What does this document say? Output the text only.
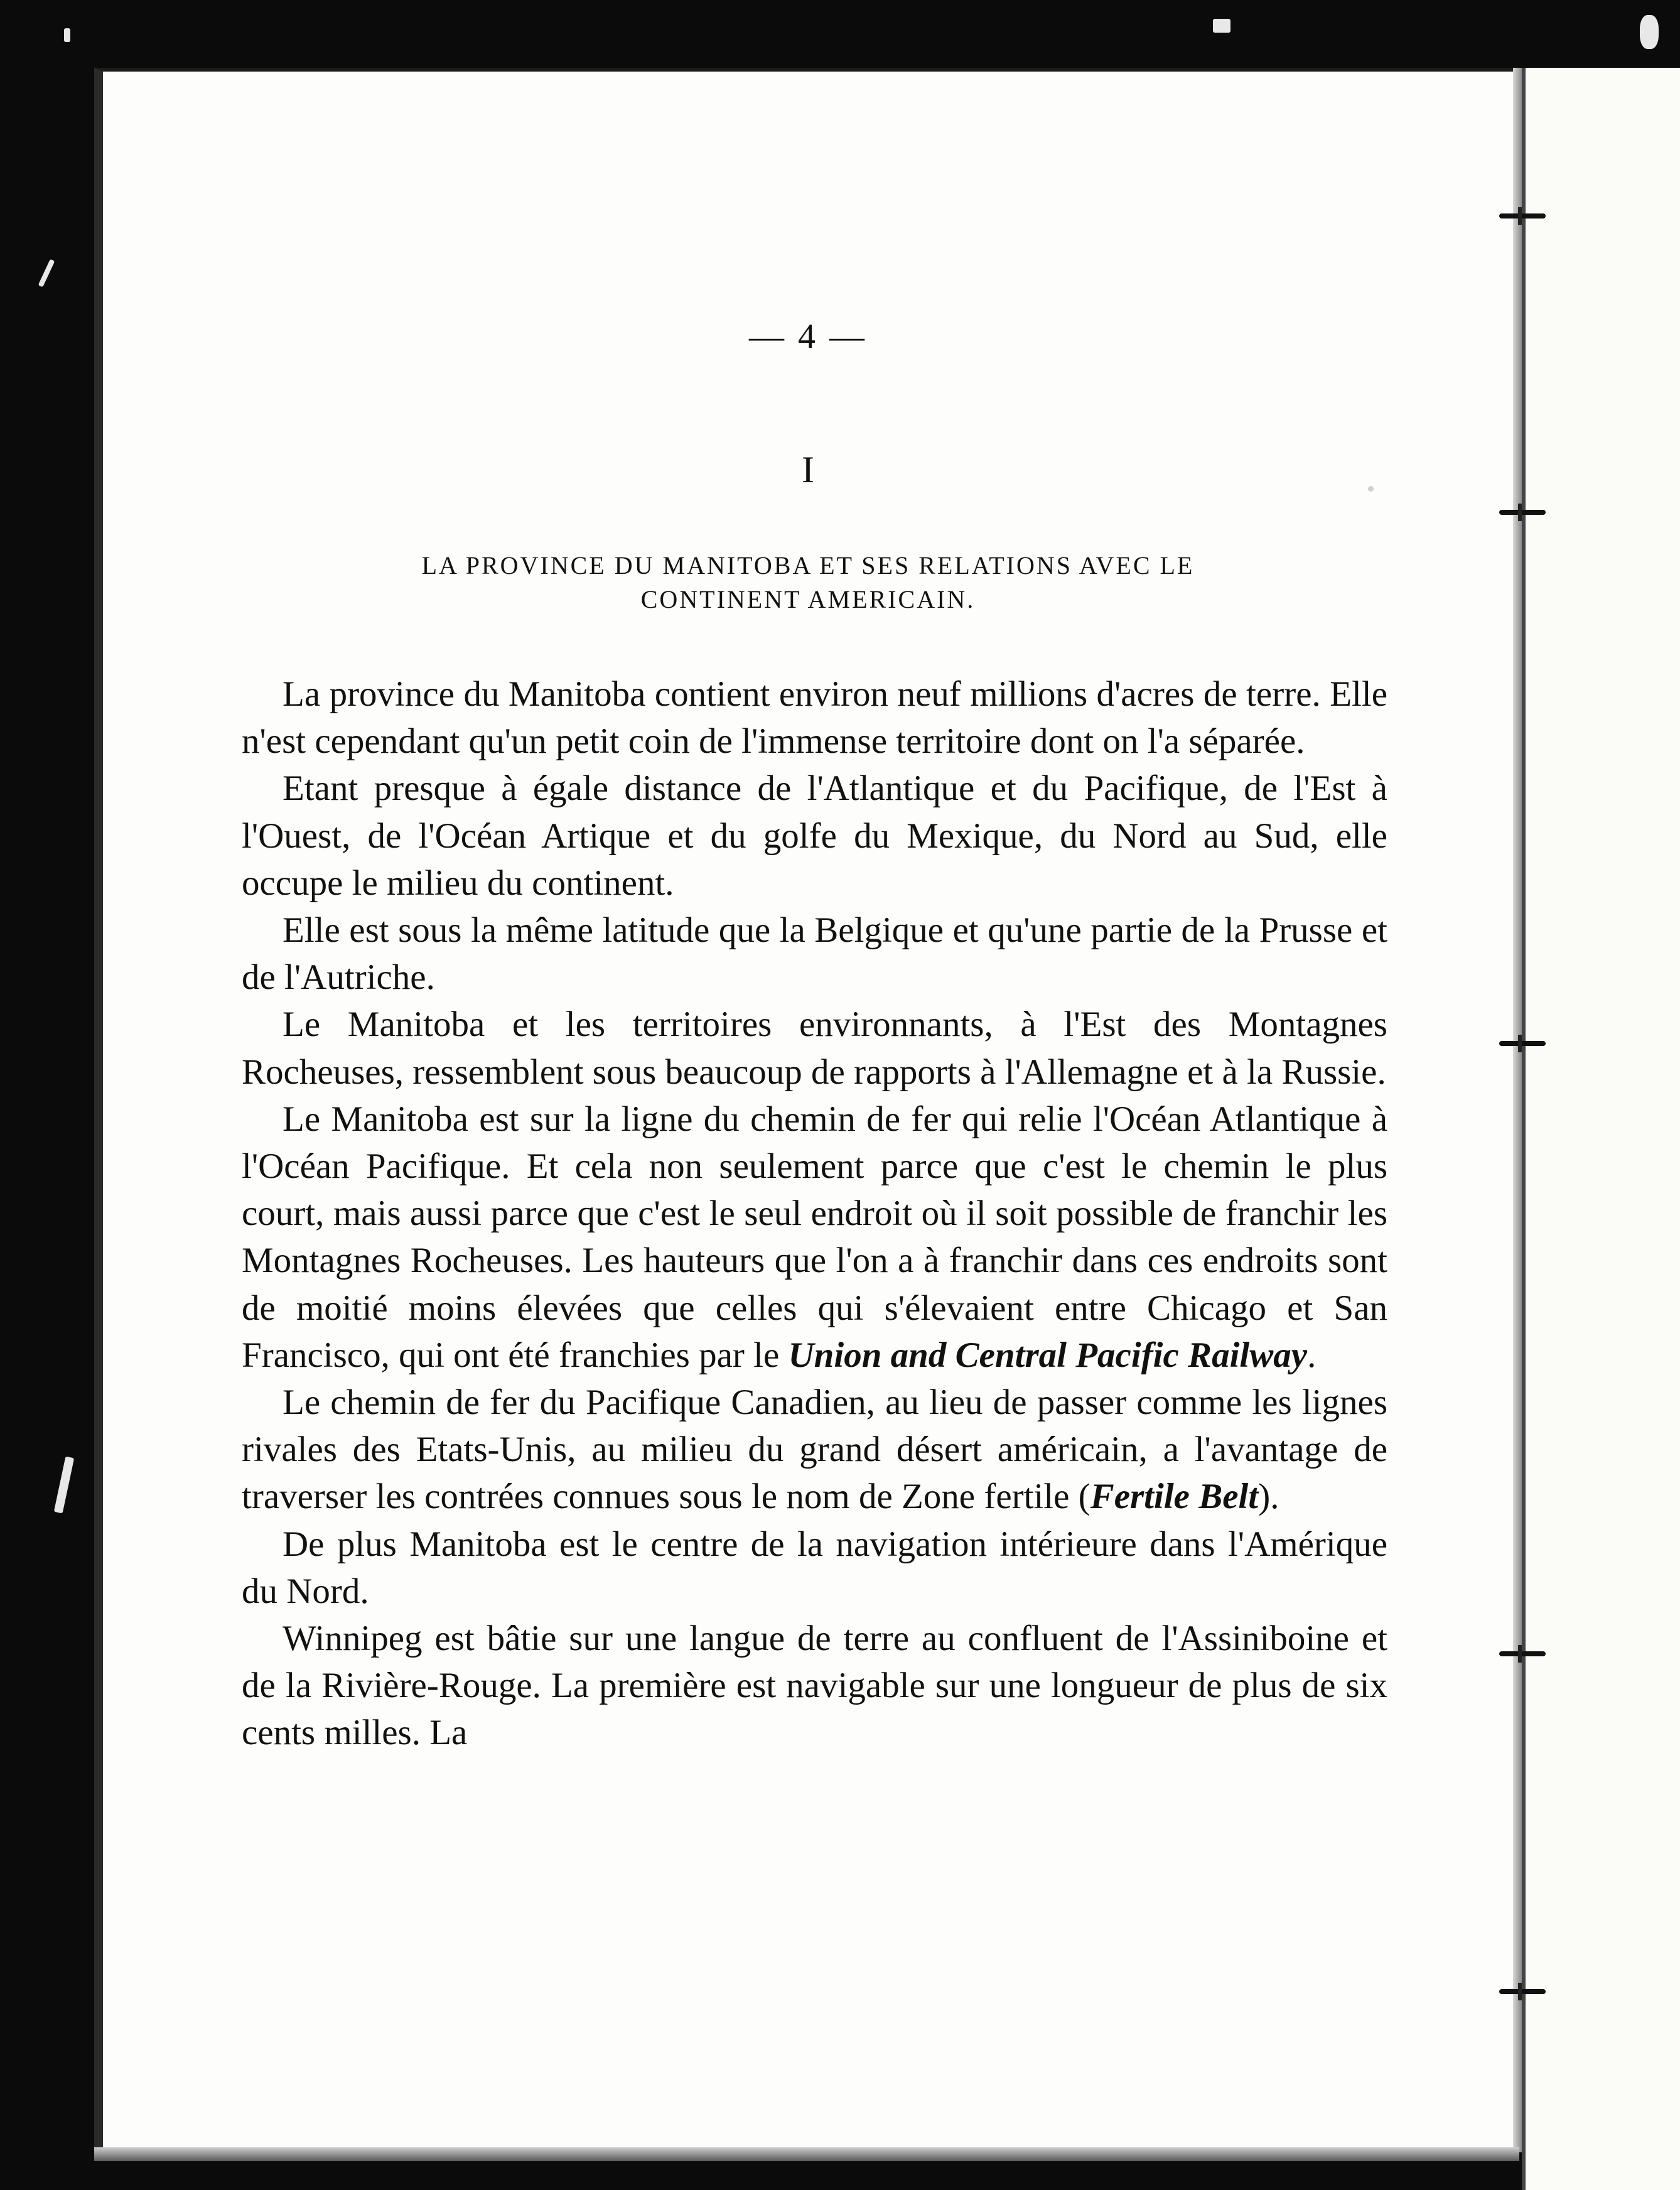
— 4 —
I
LA PROVINCE DU MANITOBA ET SES RELATIONS AVEC LE
CONTINENT AMERICAIN.

La province du Manitoba contient environ neuf millions d'acres de terre. Elle n'est cependant qu'un petit coin de l'immense territoire dont on l'a séparée.

Etant presque à égale distance de l'Atlantique et du Pacifique, de l'Est à l'Ouest, de l'Océan Artique et du golfe du Mexique, du Nord au Sud, elle occupe le milieu du continent.

Elle est sous la même latitude que la Belgique et qu'une partie de la Prusse et de l'Autriche.

Le Manitoba et les territoires environnants, à l'Est des Montagnes Rocheuses, ressemblent sous beaucoup de rapports à l'Allemagne et à la Russie.

Le Manitoba est sur la ligne du chemin de fer qui relie l'Océan Atlantique à l'Océan Pacifique. Et cela non seulement parce que c'est le chemin le plus court, mais aussi parce que c'est le seul endroit où il soit possible de franchir les Montagnes Rocheuses. Les hauteurs que l'on a à franchir dans ces endroits sont de moitié moins élevées que celles qui s'élevaient entre Chicago et San Francisco, qui ont été franchies par le Union and Central Pacific Railway.

Le chemin de fer du Pacifique Canadien, au lieu de passer comme les lignes rivales des Etats-Unis, au milieu du grand désert américain, a l'avantage de traverser les contrées connues sous le nom de Zone fertile (Fertile Belt).

De plus Manitoba est le centre de la navigation intérieure dans l'Amérique du Nord.

Winnipeg est bâtie sur une langue de terre au confluent de l'Assiniboine et de la Rivière-Rouge. La première est navigable sur une longueur de plus de six cents milles. La
